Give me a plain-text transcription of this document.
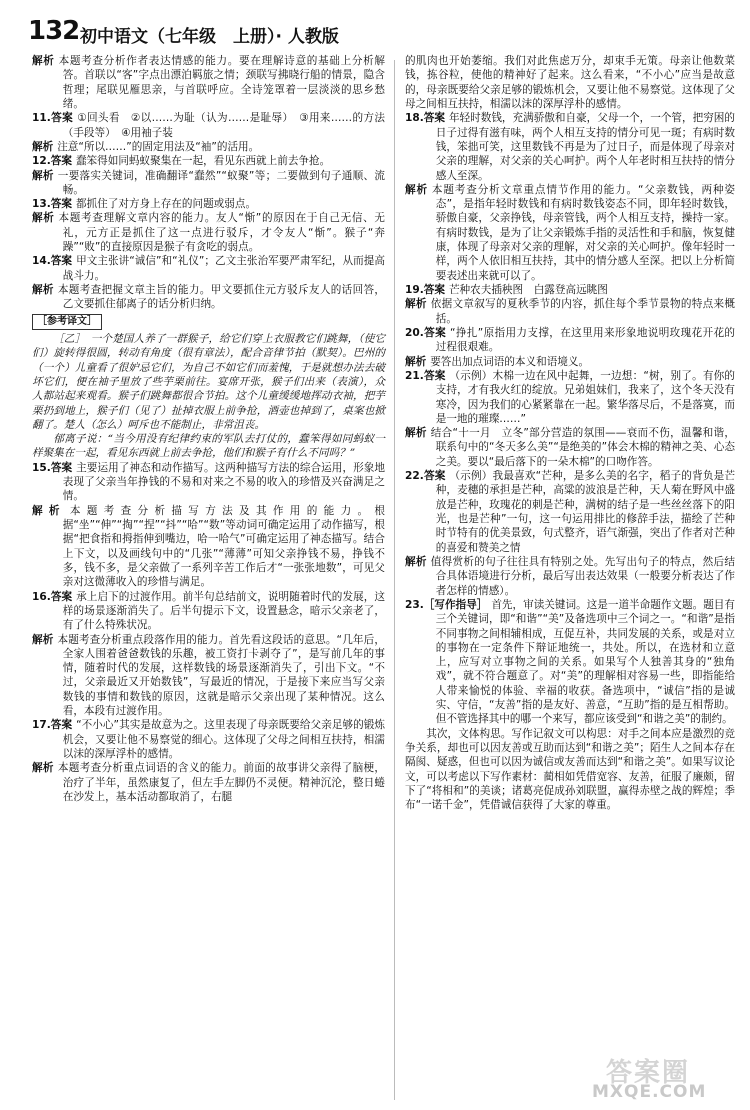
132 初中语文（七年级　上册）· 人教版

解析 本题考查分析作者表达情感的能力。要在理解诗意的基础上分析解答。首联以“客”字点出漂泊羁旅之情；颈联写拂晓行船的情景，隐含哲理；尾联见雁思亲，与首联呼应。全诗笼罩着一层淡淡的思乡愁绪。

11.答案 ①回头看　②以……为耻（认为……是耻辱）　③用来……的方法（手段等）　④用袖子装

解析 注意“所以……”的固定用法及“袖”的活用。

12.答案 蠢笨得如同蚂蚁聚集在一起，看见东西就上前去争抢。

解析 一要落实关键词，准确翻译“蠢然”“蚁聚”等；二要做到句子通顺、流畅。

13.答案 都抓住了对方身上存在的问题或弱点。

解析 本题考查理解文章内容的能力。友人“惭”的原因在于自己无信、无礼，元方正是抓住了这一点进行驳斥，才令友人“惭”。猴子“奔躁”“败”的直接原因是猴子有贪吃的弱点。

14.答案 甲文主张讲“诚信”和“礼仪”；乙文主张治军要严肃军纪，从而提高战斗力。

解析 本题考查把握文章主旨的能力。甲文要抓住元方驳斥友人的话回答，乙文要抓住郁离子的话分析归纳。

［参考译文］

［乙］　一个楚国人养了一群猴子，给它们穿上衣服教它们跳舞，（使它们）旋转得很圆，转动有角度（很有章法），配合音律节拍（默契）。巴州的（一个）儿童看了很妒忌它们，为自己不如它们而羞愧，于是就想办法去破坏它们，便在袖子里放了些芋栗前往。宴席开张，猴子们出来（表演），众人都站起来观看。猴子们跳舞都很合节拍。这个儿童缓缓地挥动衣袖，把芋栗扔到地上，猴子们（见了）扯掉衣服上前争抢，酒壶也掉到了，桌案也掀翻了。楚人（怎么）呵斥也不能制止，非常沮丧。

郁离子说：“当今用没有纪律约束的军队去打仗的，蠢笨得如同蚂蚁一样聚集在一起，看见东西就上前去争抢，他们和猴子有什么不同吗？”

15.答案 主要运用了神态和动作描写。这两种描写方法的综合运用，形象地表现了父亲当年挣钱的不易和对来之不易的收入的珍惜及兴奋满足之情。

解析 本题考查分析描写方法及其作用的能力。根据“坐”“伸”“掏”“捏”“抖”“哈”“数”等动词可确定运用了动作描写，根据“把食指和拇指伸到嘴边，哈一哈气”可确定运用了神态描写。结合上下文，以及画线句中的“几张”“薄薄”可知父亲挣钱不易，挣钱不多，钱不多，是父亲做了一系列辛苦工作后才“一张张地数”，可见父亲对这微薄收入的珍惜与满足。

16.答案 承上启下的过渡作用。前半句总结前文，说明随着时代的发展，这样的场景逐渐消失了。后半句提示下文，设置悬念，暗示父亲老了，有了什么特殊状况。

解析 本题考查分析重点段落作用的能力。首先看这段话的意思。“几年后，全家人围着爸爸数钱的乐趣，被工资打卡剥夺了”，是写前几年的事情，随着时代的发展，这样数钱的场景逐渐消失了，引出下文。“不过，父亲最近又开始数钱”，写最近的情况，于是接下来应当写父亲数钱的事情和数钱的原因，这就是暗示父亲出现了某种情况。这么看，本段有过渡作用。

17.答案 “不小心”其实是故意为之。这里表现了母亲既要给父亲足够的锻炼机会，又要让他不易察觉的细心。这体现了父母之间相互扶持，相濡以沫的深厚浮朴的感情。

解析 本题考查分析重点词语的含义的能力。前面的故事讲父亲得了脑梗，治疗了半年，虽然康复了，但左手左脚仍不灵便。精神沉沦，整日蜷在沙发上，基本活动都取消了，右腿

的肌肉也开始萎缩。我们对此焦虑万分，却束手无策。母亲让他数菜钱，拣谷粒，使他的精神好了起来。这么看来，“不小心”应当是故意的，母亲既要给父亲足够的锻炼机会，又要让他不易察觉。这体现了父母之间相互扶持，相濡以沫的深厚浮朴的感情。

18.答案 年轻时数钱，充满骄傲和自豪，父母一个，一个管，把穷困的日子过得有滋有味，两个人相互支持的情分可见一斑；有病时数钱，笨拙可笑，这里数钱不再是为了过日子，而是体现了母亲对父亲的理解，对父亲的关心呵护。两个人年老时相互扶持的情分感人至深。

解析 本题考查分析文章重点情节作用的能力。“父亲数钱，两种姿态”，是指年轻时数钱和有病时数钱姿态不同，即年轻时数钱，骄傲自豪，父亲挣钱，母亲管钱，两个人相互支持，操持一家。有病时数钱，是为了让父亲锻炼手指的灵活性和手和脑，恢复健康，体现了母亲对父亲的理解，对父亲的关心呵护。像年轻时一样，两个人依旧相互扶持，其中的情分感人至深。把以上分析简要表述出来就可以了。

19.答案 芒种农夫插秧图　白露登高远眺图

解析 依据文章叙写的夏秋季节的内容，抓住每个季节景物的特点来概括。

20.答案 “挣扎”原指用力支撑，在这里用来形象地说明玫瑰花开花的过程很艰难。

解析 要答出加点词语的本义和语境义。

21.答案 （示例）木棉一边在风中起舞，一边想：“树，别了。有你的支持，才有我火红的绽放。兄弟姐妹们，我来了，这个冬天没有寒冷，因为我们的心紧紧靠在一起。繁华落尽后，不是落寞，而是一地的璀璨……”

解析 结合“十一月　立冬”部分营造的氛围——衰而不伤，温馨和谐，联系句中的“冬天多么美”“是绝美的”体会木棉的精神之美、心态之美。要以“最后落下的一朵木棉”的口吻作答。

22.答案 （示例）我最喜欢“芒种，是多么美的名字，稻子的背负是芒种，麦穗的承担是芒种，高粱的波浪是芒种，天人菊在野风中盛放是芒种，玫瑰花的刺是芒种，满树的结子是一些丝丝落下的阳光，也是芒种”一句，这一句运用排比的修辞手法，描绘了芒种时节特有的优美景致，句式整齐，语气渐强，突出了作者对芒种的喜爱和赞美之情

解析 值得赏析的句子往往具有特别之处。先写出句子的特点，然后结合具体语境进行分析，最后写出表达效果（一般要分析表达了作者怎样的情感）。

23.［写作指导］ 首先，审读关键词。这是一道半命题作文题。题目有三个关键词，即“和谐”“美”及备选项中三个词之一。“和谐”是指不同事物之间相辅相成，互促互补，共同发展的关系，或是对立的事物在一定条件下辩证地统一，共处。所以，在选材和立意上，应写对立事物之间的关系。如果写个人独善其身的“独角戏”，就不符合题意了。对“美”的理解相对容易一些，即指能给人带来愉悦的体验、幸福的收获。备选项中，“诚信”指的是诚实、守信，“友善”指的是友好、善意，“互助”指的是互相帮助。但不管选择其中的哪一个来写，都应该受到“和谐之美”的制约。

其次，文体构思。写作记叙文可以构思：对手之间本应是激烈的竞争关系，却也可以因友善或互助而达到“和谐之美”；陌生人之间本存在隔阂、疑惑，但也可以因为诚信或友善而达到“和谐之美”。如果写议论文，可以考虑以下写作素材：蔺相如凭借宽容、友善，征服了廉颇，留下了“将相和”的美谈；诸葛亮促成孙刘联盟，赢得赤壁之战的辉煌；季布“一诺千金”，凭借诚信获得了大家的尊重。

答案圈
MXQE.COM
